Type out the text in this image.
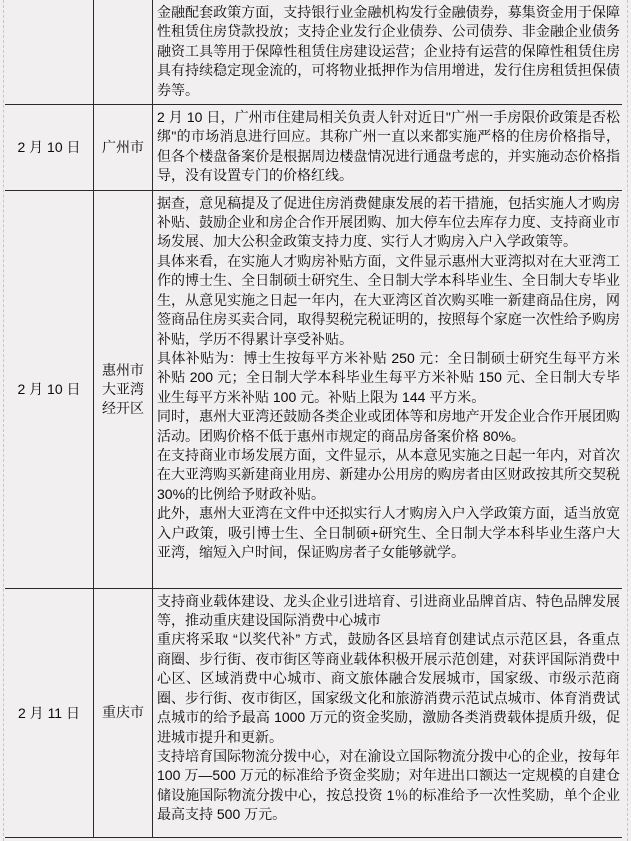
金融配套政策方面，支持银行业金融机构发行金融债券，募集资金用于保障性租赁住房贷款投放；支持企业发行企业债券、公司债券、非金融企业债务融资工具等用于保障性租赁住房建设运营；企业持有运营的保障性租赁住房具有持续稳定现金流的，可将物业抵押作为信用增进，发行住房租赁担保债券等。

2 月 10 日 广州市

2 月 10 日，广州市住建局相关负责人针对近日"广州一手房限价政策是否松绑"的市场消息进行回应。其称广州一直以来都实施严格的住房价格指导，但各个楼盘备案价是根据周边楼盘情况进行通盘考虑的，并实施动态价格指导，没有设置专门的价格红线。

2 月 10 日
惠州市大亚湾经开区

据查，意见稿提及了促进住房消费健康发展的若干措施，包括实施人才购房补贴、鼓励企业和房企合作开展团购、加大停车位去库存力度、支持商业市场发展、加大公积金政策支持力度、实行人才购房入户入学政策等。

具体来看，在实施人才购房补贴方面，文件显示惠州大亚湾拟对在大亚湾工作的博士生、全日制硕士研究生、全日制大学本科毕业生、全日制大专毕业生，从意见实施之日起一年内，在大亚湾区首次购买唯一新建商品住房，网签商品住房买卖合同，取得契税完税证明的，按照每个家庭一次性给予购房补贴，学历不得累计享受补贴。

具体补贴为：博士生按每平方米补贴 250 元：全日制硕士研究生每平方米补贴 200 元；全日制大学本科毕业生每平方米补贴 150 元、全日制大专毕业生每平方米补贴 100 元。补贴上限为 144 平方米。

同时，惠州大亚湾还鼓励各类企业或团体等和房地产开发企业合作开展团购活动。团购价格不低于惠州市规定的商品房备案价格 80%。

在支持商业市场发展方面，文件显示，从本意见实施之日起一年内，对首次在大亚湾购买新建商业用房、新建办公用房的购房者由区财政按其所交契税 30%的比例给予财政补贴。

此外，惠州大亚湾在文件中还拟实行人才购房入户入学政策方面，适当放宽入户政策，吸引博士生、全日制硕+研究生、全日制大学本科毕业生落户大亚湾，缩短入户时间，保证购房者子女能够就学。

2 月 11 日 重庆市

支持商业载体建设、龙头企业引进培育、引进商业品牌首店、特色品牌发展等，推动重庆建设国际消费中心城市

重庆将采取 “以奖代补” 方式，鼓励各区县培育创建试点示范区县，各重点商圈、步行街、夜市街区等商业载体积极开展示范创建，对获评国际消费中心区、区域消费中心城市、商文旅体融合发展城市，国家级、市级示范商圈、步行街、夜市街区，国家级文化和旅游消费示范试点城市、体育消费试点城市的给予最高 1000 万元的资金奖励，激励各类消费载体提质升级，促进城市提升和更新。

支持培育国际物流分拨中心，对在渝设立国际物流分拨中心的企业，按每年 100 万—500 万元的标准给予资金奖励；对年进出口额达一定规模的自建仓储设施国际物流分拨中心，按总投资 1％的标准给予一次性奖励，单个企业最高支持 500 万元。
